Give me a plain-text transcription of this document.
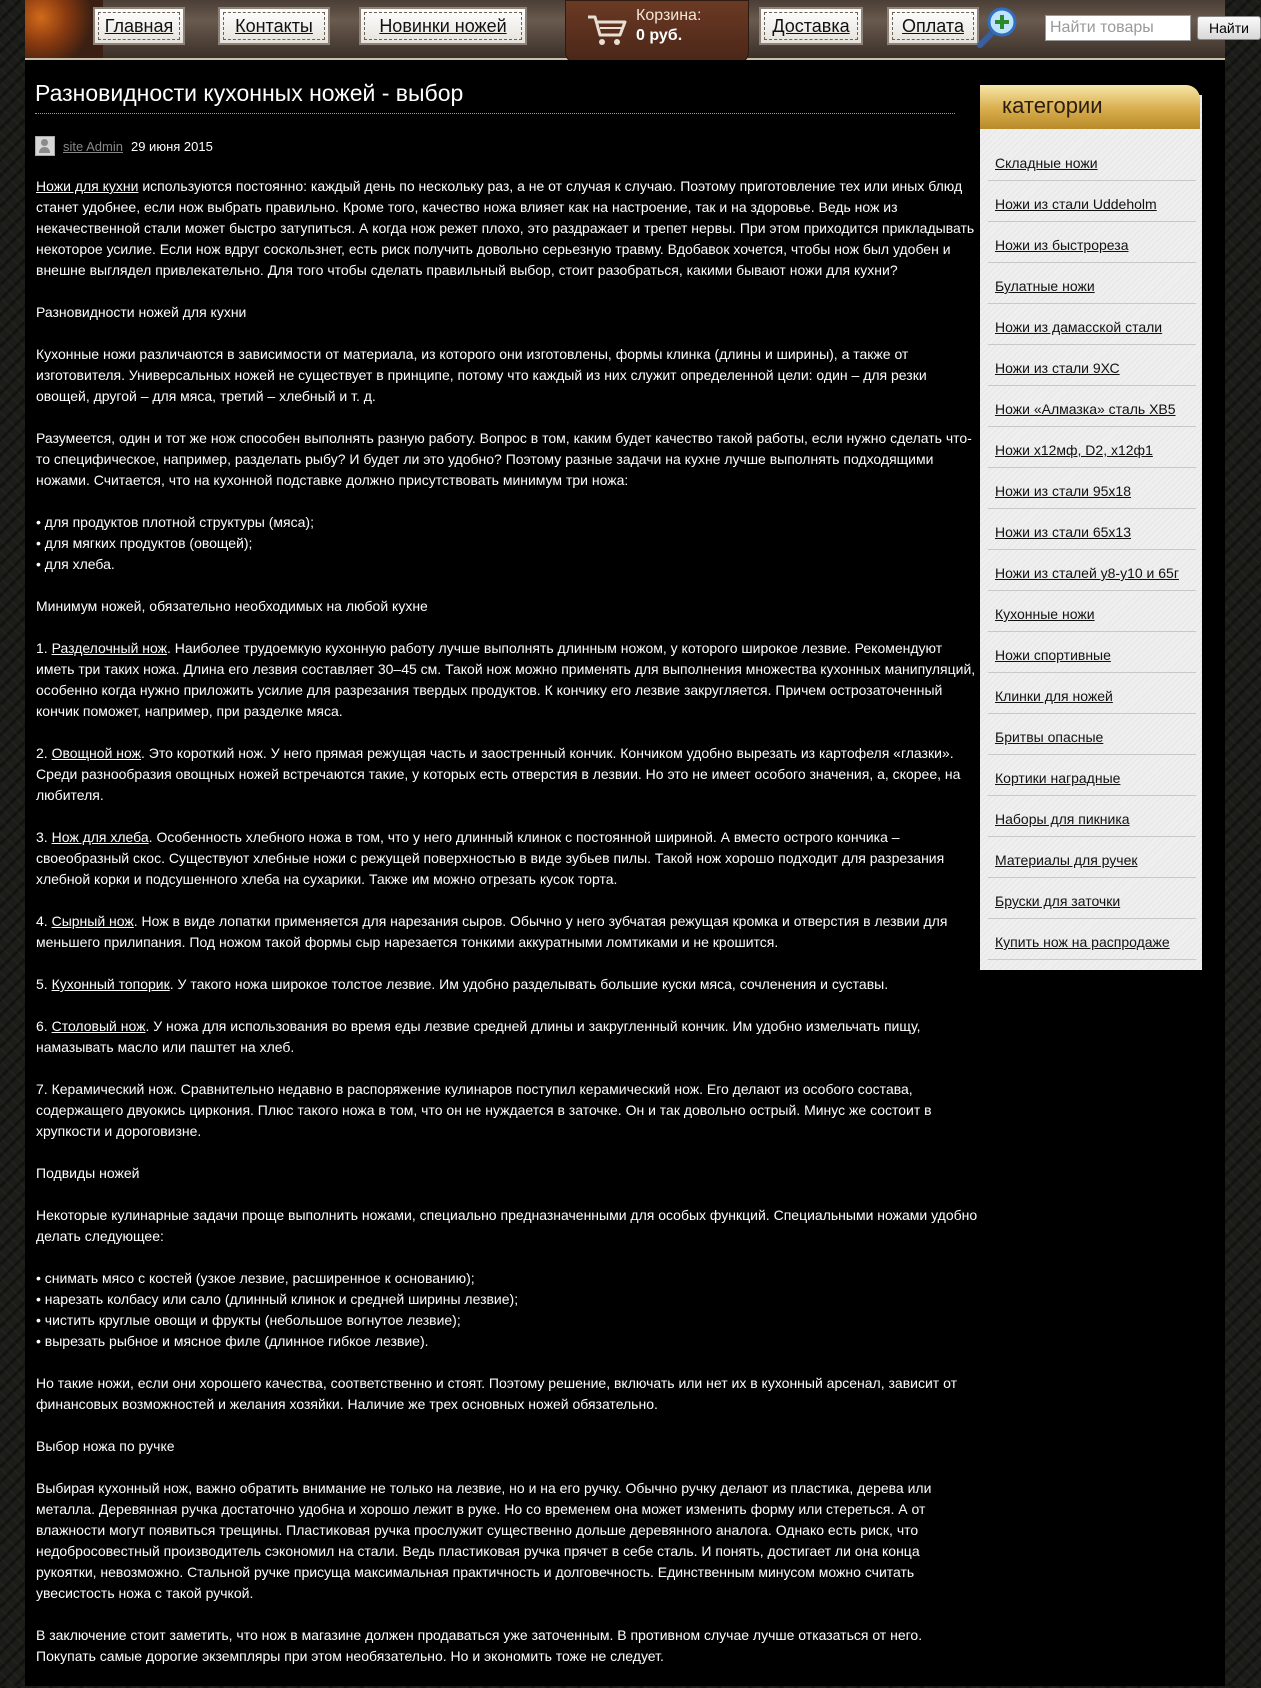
Главная	Контакты	Новинки ножей	Корзина:
0 руб.	Доставка	Оплата
Найти товары	Найти
Разновидности кухонных ножей - выбор
site Admin 29 июня 2015

Ножи для кухни используются постоянно: каждый день по нескольку раз, а не от случая к случаю. Поэтому приготовление тех или иных блюд станет удобнее, если нож выбрать правильно. Кроме того, качество ножа влияет как на настроение, так и на здоровье. Ведь нож из некачественной стали может быстро затупиться. А когда нож режет плохо, это раздражает и трепет нервы. При этом приходится прикладывать некоторое усилие. Если нож вдруг соскользнет, есть риск получить довольно серьезную травму. Вдобавок хочется, чтобы нож был удобен и внешне выглядел привлекательно. Для того чтобы сделать правильный выбор, стоит разобраться, какими бывают ножи для кухни?

Разновидности ножей для кухни

Кухонные ножи различаются в зависимости от материала, из которого они изготовлены, формы клинка (длины и ширины), а также от изготовителя. Универсальных ножей не существует в принципе, потому что каждый из них служит определенной цели: один – для резки овощей, другой – для мяса, третий – хлебный и т. д.

Разумеется, один и тот же нож способен выполнять разную работу. Вопрос в том, каким будет качество такой работы, если нужно сделать что-то специфическое, например, разделать рыбу? И будет ли это удобно? Поэтому разные задачи на кухне лучше выполнять подходящими ножами. Считается, что на кухонной подставке должно присутствовать минимум три ножа:

• для продуктов плотной структуры (мяса);
• для мягких продуктов (овощей);
• для хлеба.

Минимум ножей, обязательно необходимых на любой кухне

1. Разделочный нож. Наиболее трудоемкую кухонную работу лучше выполнять длинным ножом, у которого широкое лезвие. Рекомендуют иметь три таких ножа. Длина его лезвия составляет 30–45 см. Такой нож можно применять для выполнения множества кухонных манипуляций, особенно когда нужно приложить усилие для разрезания твердых продуктов. К кончику его лезвие закругляется. Причем острозаточенный кончик поможет, например, при разделке мяса.

2. Овощной нож. Это короткий нож. У него прямая режущая часть и заостренный кончик. Кончиком удобно вырезать из картофеля «глазки». Среди разнообразия овощных ножей встречаются такие, у которых есть отверстия в лезвии. Но это не имеет особого значения, а, скорее, на любителя.

3. Нож для хлеба. Особенность хлебного ножа в том, что у него длинный клинок с постоянной шириной. А вместо острого кончика – своеобразный скос. Существуют хлебные ножи с режущей поверхностью в виде зубьев пилы. Такой нож хорошо подходит для разрезания хлебной корки и подсушенного хлеба на сухарики. Также им можно отрезать кусок торта.

4. Сырный нож. Нож в виде лопатки применяется для нарезания сыров. Обычно у него зубчатая режущая кромка и отверстия в лезвии для меньшего прилипания. Под ножом такой формы сыр нарезается тонкими аккуратными ломтиками и не крошится.

5. Кухонный топорик. У такого ножа широкое толстое лезвие. Им удобно разделывать большие куски мяса, сочленения и суставы.

6. Столовый нож. У ножа для использования во время еды лезвие средней длины и закругленный кончик. Им удобно измельчать пищу, намазывать масло или паштет на хлеб.

7. Керамический нож. Сравнительно недавно в распоряжение кулинаров поступил керамический нож. Его делают из особого состава, содержащего двуокись циркония. Плюс такого ножа в том, что он не нуждается в заточке. Он и так довольно острый. Минус же состоит в хрупкости и дороговизне.

Подвиды ножей

Некоторые кулинарные задачи проще выполнить ножами, специально предназначенными для особых функций. Специальными ножами удобно делать следующее:

• снимать мясо с костей (узкое лезвие, расширенное к основанию);
• нарезать колбасу или сало (длинный клинок и средней ширины лезвие);
• чистить круглые овощи и фрукты (небольшое вогнутое лезвие);
• вырезать рыбное и мясное филе (длинное гибкое лезвие).

Но такие ножи, если они хорошего качества, соответственно и стоят. Поэтому решение, включать или нет их в кухонный арсенал, зависит от финансовых возможностей и желания хозяйки. Наличие же трех основных ножей обязательно.

Выбор ножа по ручке

Выбирая кухонный нож, важно обратить внимание не только на лезвие, но и на его ручку. Обычно ручку делают из пластика, дерева или металла. Деревянная ручка достаточно удобна и хорошо лежит в руке. Но со временем она может изменить форму или стереться. А от влажности могут появиться трещины. Пластиковая ручка прослужит существенно дольше деревянного аналога. Однако есть риск, что недобросовестный производитель сэкономил на стали. Ведь пластиковая ручка прячет в себе сталь. И понять, достигает ли она конца рукоятки, невозможно. Стальной ручке присуща максимальная практичность и долговечность. Единственным минусом можно считать увесистость ножа с такой ручкой.

В заключение стоит заметить, что нож в магазине должен продаваться уже заточенным. В противном случае лучше отказаться от него. Покупать самые дорогие экземпляры при этом необязательно. Но и экономить тоже не следует.

Складные ножи
Ножи из стали Uddeholm
Ножи из быстрореза
Булатные ножи
Ножи из дамасской стали
Ножи из стали 9ХС
Ножи «Алмазка» сталь ХВ5
Ножи х12мф, D2, х12ф1
Ножи из стали 95х18
Ножи из стали 65х13
Ножи из сталей у8-у10 и 65г
Кухонные ножи
Ножи спортивные
Клинки для ножей
Бритвы опасные
Кортики наградные
Наборы для пикника
Материалы для ручек
Бруски для заточки
Купить нож на распродаже
категории
